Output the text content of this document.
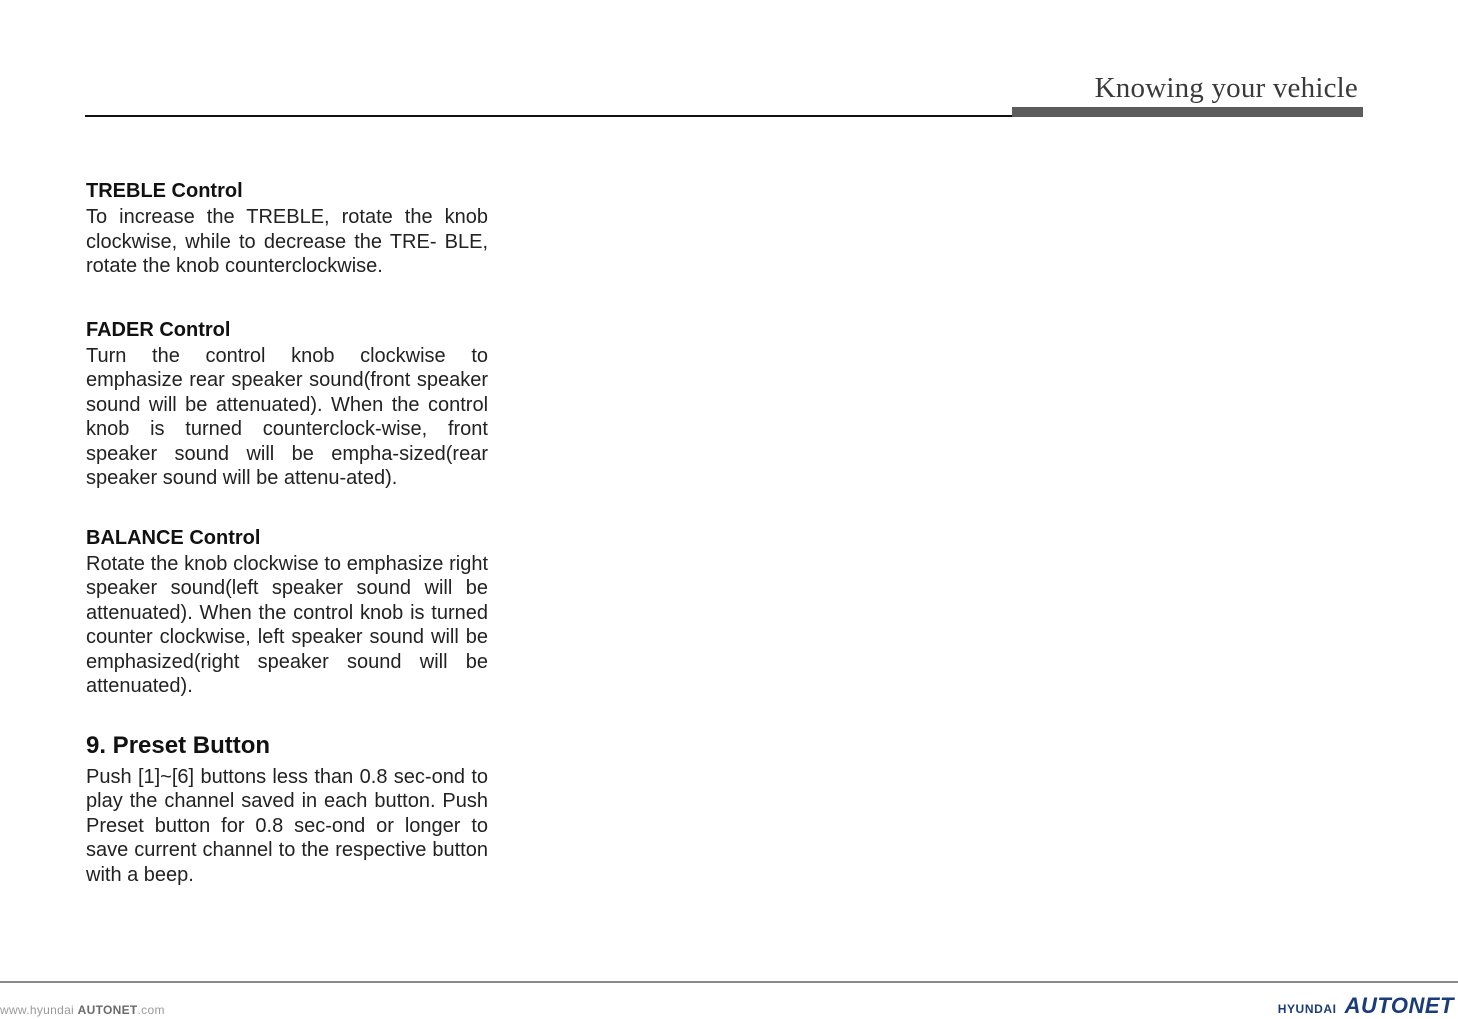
Knowing your vehicle
TREBLE Control
To increase the TREBLE, rotate the knob clockwise, while to decrease the TRE- BLE, rotate the knob counterclockwise.
FADER Control
Turn the control knob clockwise to emphasize rear speaker sound(front speaker sound will be attenuated). When the control knob is turned counterclock-wise, front speaker sound will be empha-sized(rear speaker sound will be attenu-ated).
BALANCE Control
Rotate the knob clockwise to emphasize right speaker sound(left speaker sound will be attenuated). When the control knob is turned counter clockwise, left speaker sound will be emphasized(right speaker sound will be attenuated).
9. Preset Button
Push [1]~[6] buttons less than 0.8 sec-ond to play the channel saved in each button. Push Preset button for 0.8 sec-ond or longer to save current channel to the respective button with a beep.
www.hyundai AUTONET.com	HYUNDAI AUTONET
